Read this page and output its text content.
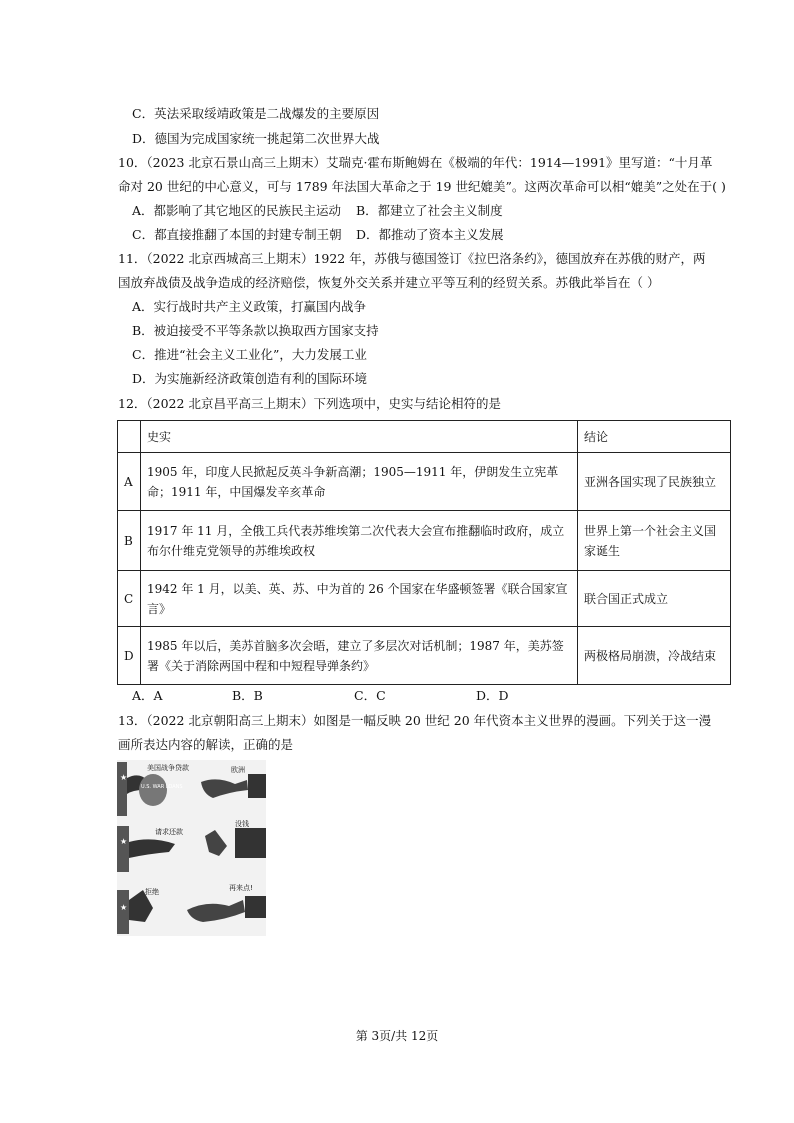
C．英法采取绥靖政策是二战爆发的主要原因
D．德国为完成国家统一挑起第二次世界大战
10．（2023 北京石景山高三上期末）艾瑞克·霍布斯鲍姆在《极端的年代：1914—1991》里写道：“十月革
命对 20 世纪的中心意义，可与 1789 年法国大革命之于 19 世纪媲美”。这两次革命可以相“媲美”之处在于( )
A．都影响了其它地区的民族民主运动 B．都建立了社会主义制度
C．都直接推翻了本国的封建专制王朝 D．都推动了资本主义发展
11．（2022 北京西城高三上期末）1922 年，苏俄与德国签订《拉巴洛条约》，德国放弃在苏俄的财产，两
国放弃战债及战争造成的经济赔偿，恢复外交关系并建立平等互利的经贸关系。苏俄此举旨在（ ）
A．实行战时共产主义政策，打赢国内战争
B．被迫接受不平等条款以换取西方国家支持
C．推进“社会主义工业化”，大力发展工业
D．为实施新经济政策创造有利的国际环境
12．（2022 北京昌平高三上期末）下列选项中，史实与结论相符的是
	史实	结论
A	1905 年，印度人民掀起反英斗争新高潮；1905—1911 年，伊朗发生立宪革命；1911 年，中国爆发辛亥革命	亚洲各国实现了民族独立
B	1917 年 11 月，全俄工兵代表苏维埃第二次代表大会宣布推翻临时政府，成立布尔什维克党领导的苏维埃政权	世界上第一个社会主义国家诞生
C	1942 年 1 月，以美、英、苏、中为首的 26 个国家在华盛顿签署《联合国家宣言》	联合国正式成立
D	1985 年以后，美苏首脑多次会晤，建立了多层次对话机制；1987 年，美苏签署《关于消除两国中程和中短程导弹条约》	两极格局崩溃，冷战结束
A．A	B．B	C．C	D．D
13．（2022 北京朝阳高三上期末）如图是一幅反映 20 世纪 20 年代资本主义世界的漫画。下列关于这一漫
画所表达内容的解读，正确的是
★
U.S. WAR LOANS
美国战争贷款	欧洲
★
请求还款
没钱
★
拒绝	再来点!
第 3页/共 12页
